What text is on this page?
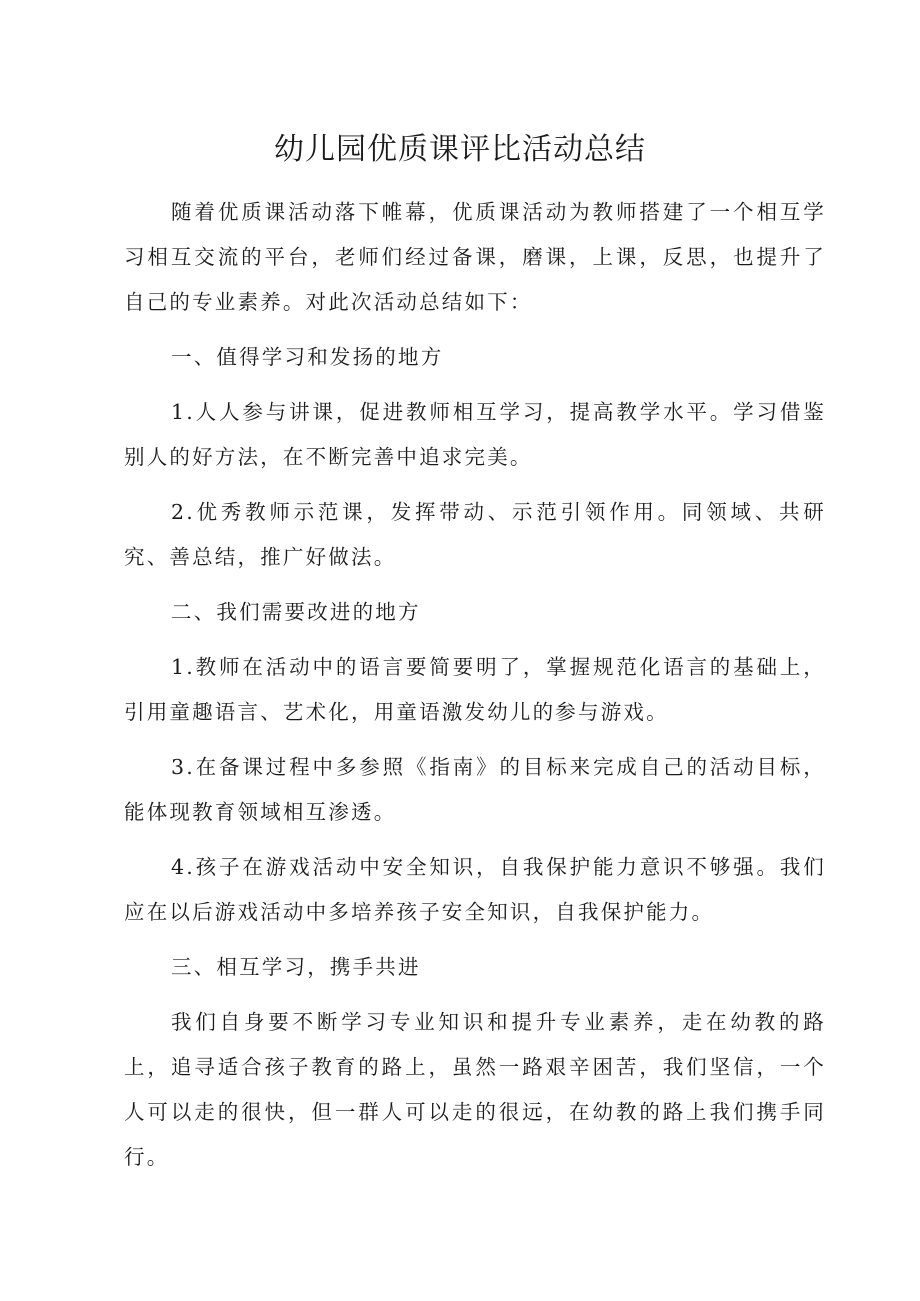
幼儿园优质课评比活动总结

随着优质课活动落下帷幕，优质课活动为教师搭建了一个相互学习相互交流的平台，老师们经过备课，磨课，上课，反思，也提升了自己的专业素养。对此次活动总结如下：

一、值得学习和发扬的地方

1.人人参与讲课，促进教师相互学习，提高教学水平。学习借鉴别人的好方法，在不断完善中追求完美。

2.优秀教师示范课，发挥带动、示范引领作用。同领域、共研究、善总结，推广好做法。

二、我们需要改进的地方

1.教师在活动中的语言要简要明了，掌握规范化语言的基础上，引用童趣语言、艺术化，用童语激发幼儿的参与游戏。

3.在备课过程中多参照《指南》的目标来完成自己的活动目标，能体现教育领域相互渗透。

4.孩子在游戏活动中安全知识，自我保护能力意识不够强。我们应在以后游戏活动中多培养孩子安全知识，自我保护能力。

三、相互学习，携手共进

我们自身要不断学习专业知识和提升专业素养，走在幼教的路上，追寻适合孩子教育的路上，虽然一路艰辛困苦，我们坚信，一个人可以走的很快，但一群人可以走的很远，在幼教的路上我们携手同行。
